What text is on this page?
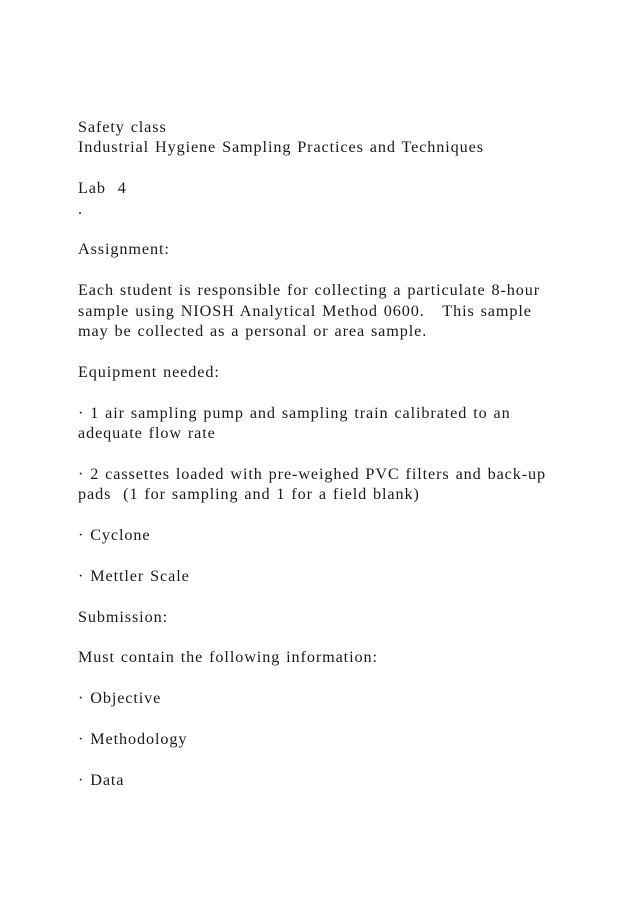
Safety class
Industrial Hygiene Sampling Practices and Techniques
Lab  4
.
Assignment:
Each student is responsible for collecting a particulate 8-hour
sample using NIOSH Analytical Method 0600.   This sample
may be collected as a personal or area sample.
Equipment needed:
· 1 air sampling pump and sampling train calibrated to an
adequate flow rate
· 2 cassettes loaded with pre-weighed PVC filters and back-up
pads  (1 for sampling and 1 for a field blank)
· Cyclone
· Mettler Scale
Submission:
Must contain the following information:
· Objective
· Methodology
· Data
